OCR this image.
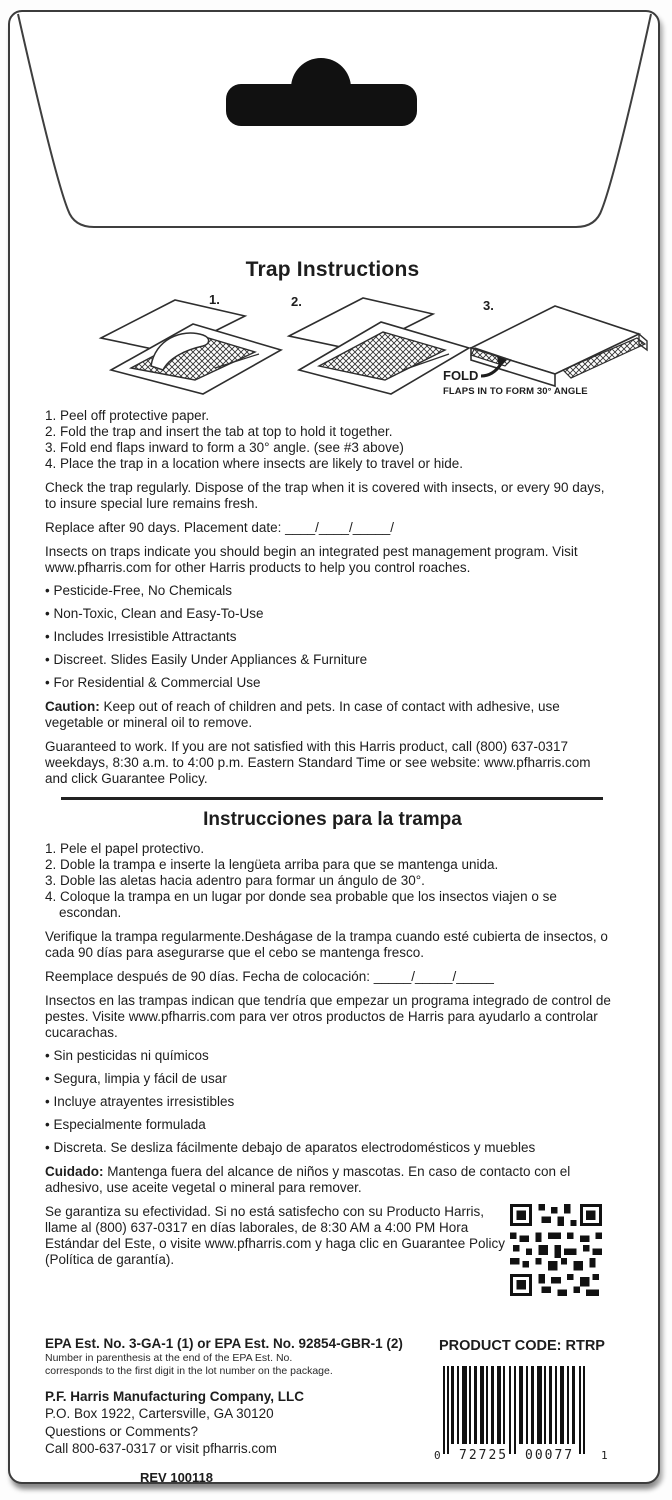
Trap Instructions
1.	2.	3.
FOLD
FLAPS IN TO FORM 30° ANGLE
1. Peel off protective paper.
2. Fold the trap and insert the tab at top to hold it together.
3. Fold end flaps inward to form a 30° angle. (see #3 above)
4. Place the trap in a location where insects are likely to travel or hide.

Check the trap regularly. Dispose of the trap when it is covered with insects, or every 90 days, to insure special lure remains fresh.

Replace after 90 days. Placement date: ____/____/_____/

Insects on traps indicate you should begin an integrated pest management program. Visit www.pfharris.com for other Harris products to help you control roaches.

• Pesticide-Free, No Chemicals
• Non-Toxic, Clean and Easy-To-Use
• Includes Irresistible Attractants
• Discreet. Slides Easily Under Appliances & Furniture
• For Residential & Commercial Use

Caution: Keep out of reach of children and pets. In case of contact with adhesive, use vegetable or mineral oil to remove.

Guaranteed to work. If you are not satisfied with this Harris product, call (800) 637-0317 weekdays, 8:30 a.m. to 4:00 p.m. Eastern Standard Time or see website: www.pfharris.com and click Guarantee Policy.

Instrucciones para la trampa
1. Pele el papel protectivo.
2. Doble la trampa e inserte la lengüeta arriba para que se mantenga unida.
3. Doble las aletas hacia adentro para formar un ángulo de 30°.
4. Coloque la trampa en un lugar por donde sea probable que los insectos viajen o se escondan.

Verifique la trampa regularmente.Deshágase de la trampa cuando esté cubierta de insectos, o cada 90 días para asegurarse que el cebo se mantenga fresco.

Reemplace después de 90 días. Fecha de colocación: _____/_____/_____

Insectos en las trampas indican que tendría que empezar un programa integrado de control de pestes. Visite www.pfharris.com para ver otros productos de Harris para ayudarlo a controlar cucarachas.

• Sin pesticidas ni químicos
• Segura, limpia y fácil de usar
• Incluye atrayentes irresistibles
• Especialmente formulada
• Discreta. Se desliza fácilmente debajo de aparatos electrodomésticos y muebles

Cuidado: Mantenga fuera del alcance de niños y mascotas. En caso de contacto con el adhesivo, use aceite vegetal o mineral para remover.

Se garantiza su efectividad. Si no está satisfecho con su Producto Harris, llame al (800) 637-0317 en días laborales, de 8:30 AM a 4:00 PM Hora Estándar del Este, o visite www.pfharris.com y haga clic en Guarantee Policy (Política de garantía).

EPA Est. No. 3-GA-1 (1) or EPA Est. No. 92854-GBR-1 (2)
Number in parenthesis at the end of the EPA Est. No.
corresponds to the first digit in the lot number on the package.
P.F. Harris Manufacturing Company, LLC
P.O. Box 1922, Cartersville, GA 30120
Questions or Comments?
Call 800-637-0317 or visit pfharris.com
REV 100118
PRODUCT CODE: RTRP
0 72725 00077 1
